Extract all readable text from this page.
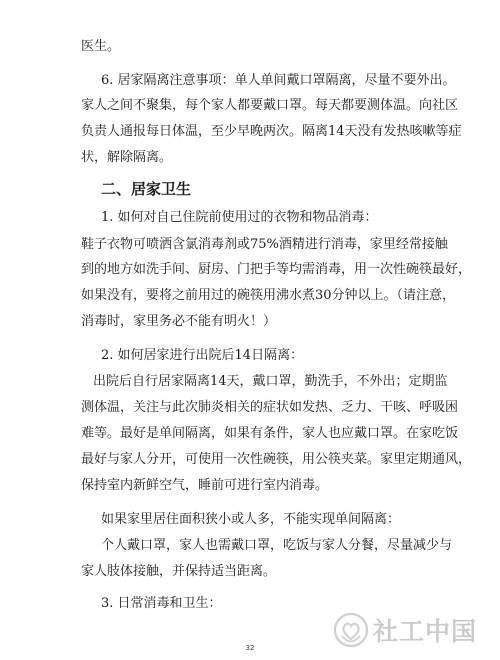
医生。
6. 居家隔离注意事项：单人单间戴口罩隔离，尽量不要外出。
家人之间不聚集，每个家人都要戴口罩。每天都要测体温。向社区
负责人通报每日体温，至少早晚两次。隔离14天没有发热咳嗽等症
状，解除隔离。
二、居家卫生
1. 如何对自己住院前使用过的衣物和物品消毒：
鞋子衣物可喷洒含氯消毒剂或75%酒精进行消毒，家里经常接触
到的地方如洗手间、厨房、门把手等均需消毒，用一次性碗筷最好，
如果没有，要将之前用过的碗筷用沸水煮30分钟以上。（请注意，
消毒时，家里务必不能有明火！）
2. 如何居家进行出院后14日隔离：
出院后自行居家隔离14天，戴口罩，勤洗手，不外出；定期监
测体温，关注与此次肺炎相关的症状如发热、乏力、干咳、呼吸困
难等。最好是单间隔离，如果有条件，家人也应戴口罩。在家吃饭
最好与家人分开，可使用一次性碗筷，用公筷夹菜。家里定期通风，
保持室内新鲜空气，睡前可进行室内消毒。
如果家里居住面积狭小或人多，不能实现单间隔离：
个人戴口罩，家人也需戴口罩，吃饭与家人分餐，尽量减少与
家人肢体接触，并保持适当距离。
3. 日常消毒和卫生：
32
社工中国
